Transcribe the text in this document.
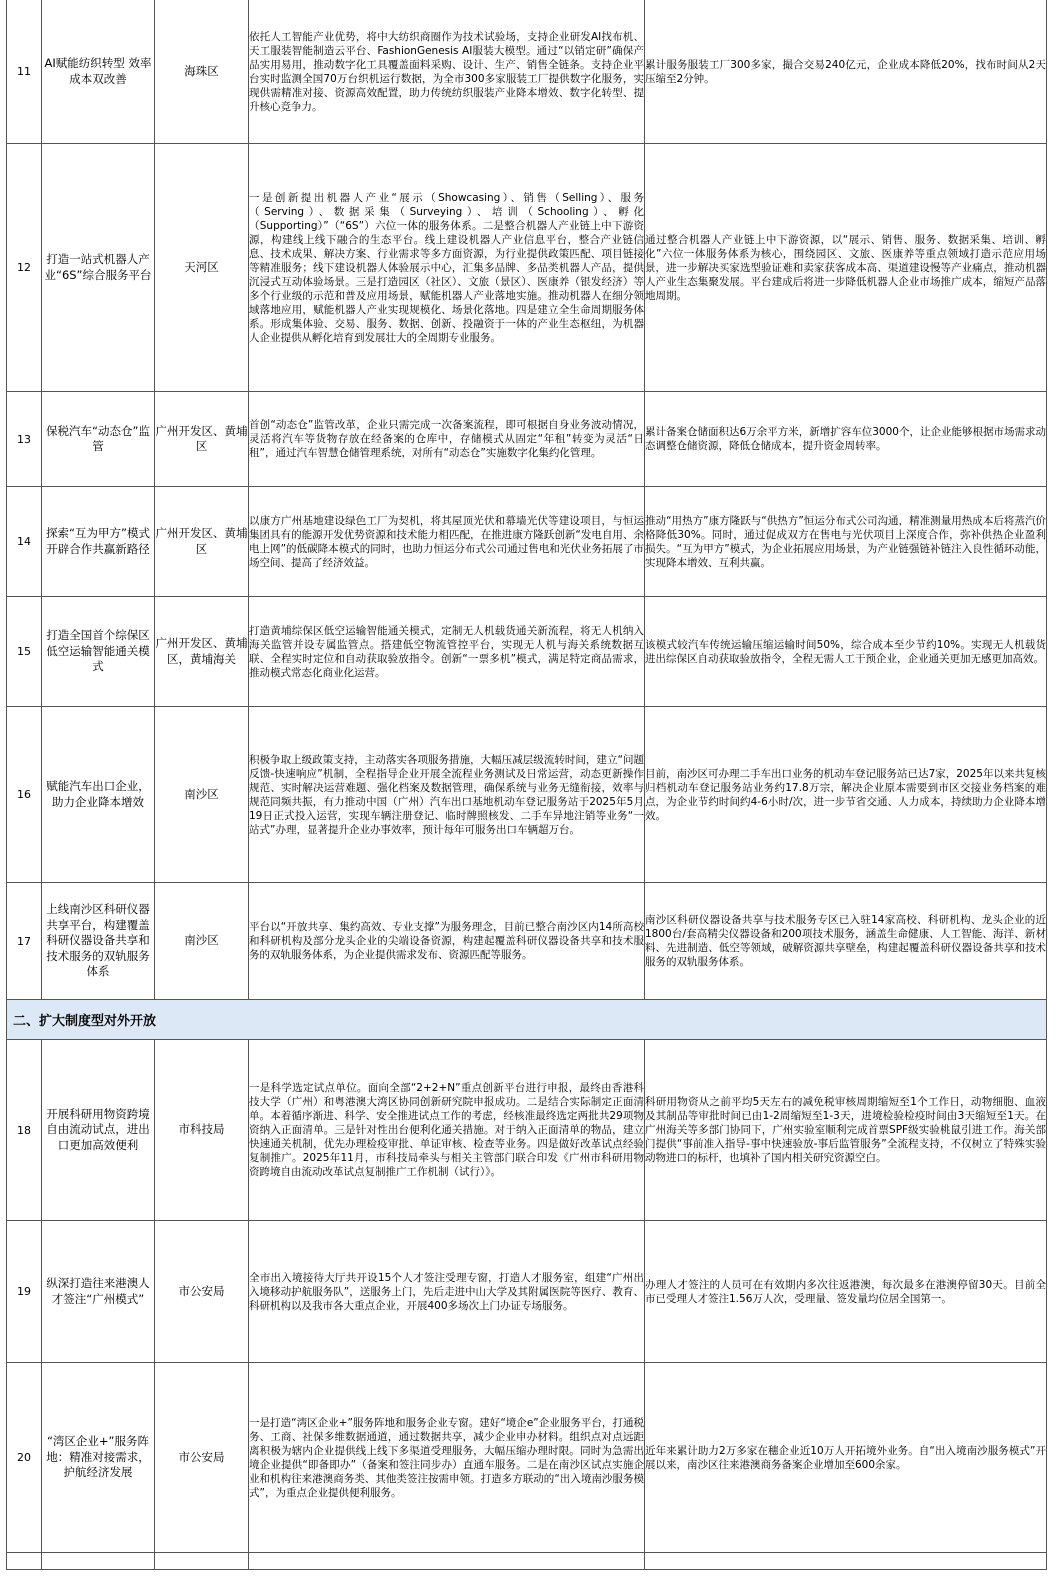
11	AI赋能纺织转型 效率成本双改善	海珠区	依托人工智能产业优势，将中大纺织商圈作为技术试验场，支持企业研发AI找布机、天工服装智能制造云平台、FashionGenesis AI服装大模型。通过“以销定研”确保产品实用易用，推动数字化工具覆盖面料采购、设计、生产、销售全链条。支持企业平台实时监测全国70万台织机运行数据，为全市300多家服装工厂提供数字化服务，实现供需精准对接、资源高效配置，助力传统纺织服装产业降本增效、数字化转型、提升核心竞争力。	累计服务服装工厂300多家，撮合交易240亿元，企业成本降低20%，找布时间从2天压缩至2分钟。
12	打造一站式机器人产业“6S”综合服务平台	天河区	一是创新提出机器人产业“展示（Showcasing）、销售（Selling）、服务（Serving）、数据采集（Surveying）、培训（Schooling）、孵化（Supporting）”（“6S”）六位一体的服务体系。二是整合机器人产业链上中下游资源，构建线上线下融合的生态平台。线上建设机器人产业信息平台，整合产业链信息、技术成果、解决方案、行业需求等多方面资源，为行业提供政策匹配、项目链接等精准服务；线下建设机器人体验展示中心，汇集多品牌、多品类机器人产品，提供沉浸式互动体验场景。三是打造园区（社区）、文旅（景区）、医康养（银发经济）等多个行业级的示范和普及应用场景，赋能机器人产业落地实施。推动机器人在细分领域落地应用，赋能机器人产业实现规模化、场景化落地。四是建立全生命周期服务体系。形成集体验、交易、服务、数据、创新、投融资于一体的产业生态枢纽，为机器人企业提供从孵化培育到发展壮大的全周期专业服务。	通过整合机器人产业链上中下游资源，以“展示、销售、服务、数据采集、培训、孵化”六位一体服务体系为核心，围绕园区、文旅、医康养等重点领域打造示范应用场景，进一步解决买家选型验证难和卖家获客成本高、渠道建设慢等产业痛点，推动机器人产业生态集聚发展。平台建成后将进一步降低机器人企业市场推广成本，缩短产品落地周期。
13	保税汽车“动态仓”监管	广州开发区、黄埔区	首创“动态仓”监管改革，企业只需完成一次备案流程，即可根据自身业务波动情况，灵活将汽车等货物存放在经备案的仓库中，存储模式从固定“年租”转变为灵活“日租”，通过汽车智慧仓储管理系统，对所有“动态仓”实施数字化集约化管理。	累计备案仓储面积达6万余平方米，新增扩容车位3000个，让企业能够根据市场需求动态调整仓储资源，降低仓储成本，提升资金周转率。
14	探索“互为甲方”模式 开辟合作共赢新路径	广州开发区、黄埔区	以康方广州基地建设绿色工厂为契机，将其屋顶光伏和幕墙光伏等建设项目，与恒运集团具有的能源开发优势资源和技术能力相匹配，在推进康方隆跃创新“发电自用、余电上网”的低碳降本模式的同时，也助力恒运分布式公司通过售电和光伏业务拓展了市场空间、提高了经济效益。	推动“用热方”康方隆跃与“供热方”恒运分布式公司沟通，精准测量用热成本后将蒸汽价格降低30%。同时，通过促成双方在售电与光伏项目上深度合作，弥补供热企业盈利损失。“互为甲方”模式，为企业拓展应用场景，为产业链强链补链注入良性循环动能，实现降本增效、互利共赢。
15	打造全国首个综保区低空运输智能通关模式	广州开发区、黄埔区，黄埔海关	打造黄埔综保区低空运输智能通关模式，定制无人机载货通关新流程，将无人机纳入海关监管并设专属监管点。搭建低空物流管控平台，实现无人机与海关系统数据互联、全程实时定位和自动获取验放指令。创新“一票多机”模式，满足特定商品需求，推动模式常态化商业化运营。	该模式较汽车传统运输压缩运输时间50%，综合成本至少节约10%。实现无人机载货进出综保区自动获取验放指令，全程无需人工干预企业，企业通关更加无感更加高效。
16	赋能汽车出口企业，助力企业降本增效	南沙区	积极争取上级政策支持，主动落实各项服务措施，大幅压减层级流转时间，建立“问题反馈-快速响应”机制，全程指导企业开展全流程业务测试及日常运营，动态更新操作规范、实时解决运营难题、强化档案及数据管理，确保系统与业务无缝衔接，效率与规范同频共振，有力推动中国（广州）汽车出口基地机动车登记服务站于2025年5月19日正式投入运营，实现车辆注册登记、临时牌照核发、二手车异地注销等业务“一站式”办理，显著提升企业办事效率，预计每年可服务出口车辆超万台。	目前，南沙区可办理二手车出口业务的机动车登记服务站已达7家，2025年以来共复核归档机动车登记服务站业务约17.8万宗，解决企业原本需要到市区交接业务档案的难点，为企业节约时间约4-6小时/次，进一步节省交通、人力成本，持续助力企业降本增效。
17	上线南沙区科研仪器共享平台，构建覆盖科研仪器设备共享和技术服务的双轨服务体系	南沙区	平台以“开放共享、集约高效、专业支撑”为服务理念，目前已整合南沙区内14所高校和科研机构及部分龙头企业的尖端设备资源，构建起覆盖科研仪器设备共享和技术服务的双轨服务体系，为企业提供需求发布、资源匹配等服务。	南沙区科研仪器设备共享与技术服务专区已入驻14家高校、科研机构、龙头企业的近1800台/套高精尖仪器设备和200项技术服务，涵盖生命健康、人工智能、海洋、新材料、先进制造、低空等领域，破解资源共享壁垒，构建起覆盖科研仪器设备共享和技术服务的双轨服务体系。
二、扩大制度型对外开放				
18	开展科研用物资跨境自由流动试点，进出口更加高效便利	市科技局	一是科学选定试点单位。面向全部“2+2+N”重点创新平台进行申报，最终由香港科技大学（广州）和粤港澳大湾区协同创新研究院申报成功。二是结合实际制定正面清单。本着循序渐进、科学、安全推进试点工作的考虑，经核准最终选定两批共29项物资纳入正面清单。三是针对性出台便利化通关措施。对于纳入正面清单的物品，建立快速通关机制，优先办理检疫审批、单证审核、检查等业务。四是做好改革试点经验复制推广。2025年11月，市科技局牵头与相关主管部门联合印发《广州市科研用物资跨境自由流动改革试点复制推广工作机制（试行）》。	科研用物资从之前平均5天左右的减免税审核周期缩短至1个工作日，动物细胞、血液及其制品等审批时间已由1-2周缩短至1-3天，进境检验检疫时间由3天缩短至1天。在广州海关等多部门协同下，广州实验室顺利完成首票SPF级实验桃鼠引进工作。海关部门提供“事前准入指导-事中快速验放-事后监管服务”全流程支持，不仅树立了特殊实验动物进口的标杆，也填补了国内相关研究资源空白。
19	纵深打造往来港澳人才签注“广州模式”	市公安局	全市出入境接待大厅共开设15个人才签注受理专窗，打造人才服务室，组建“广州出入境移动护航服务队”，送服务上门，先后走进中山大学及其附属医院等医疗、教育、科研机构以及我市各大重点企业，开展400多场次上门办证专场服务。	办理人才签注的人员可在有效期内多次往返港澳，每次最多在港澳停留30天。目前全市已受理人才签注1.56万人次，受理量、签发量均位居全国第一。
20	“湾区企业+”服务阵地：精准对接需求，护航经济发展	市公安局	一是打造“湾区企业+”服务阵地和服务企业专窗。建好“境企e”企业服务平台，打通税务、工商、社保多维数据通道，通过数据共享，减少企业申办材料。组织点对点远距离积极为辖内企业提供线上线下多渠道受理服务，大幅压缩办理时限。同时为急需出境企业提供“即备即办”（备案和签注同步办）直通车服务。二是在南沙区试点实施企业和机构往来港澳商务类、其他类签注按需申领。打造多方联动的“出入境南沙服务模式”，为重点企业提供便利服务。	近年来累计助力2万多家在穗企业近10万人开拓境外业务。自“出入境南沙服务模式”开展以来，南沙区往来港澳商务备案企业增加至600余家。
